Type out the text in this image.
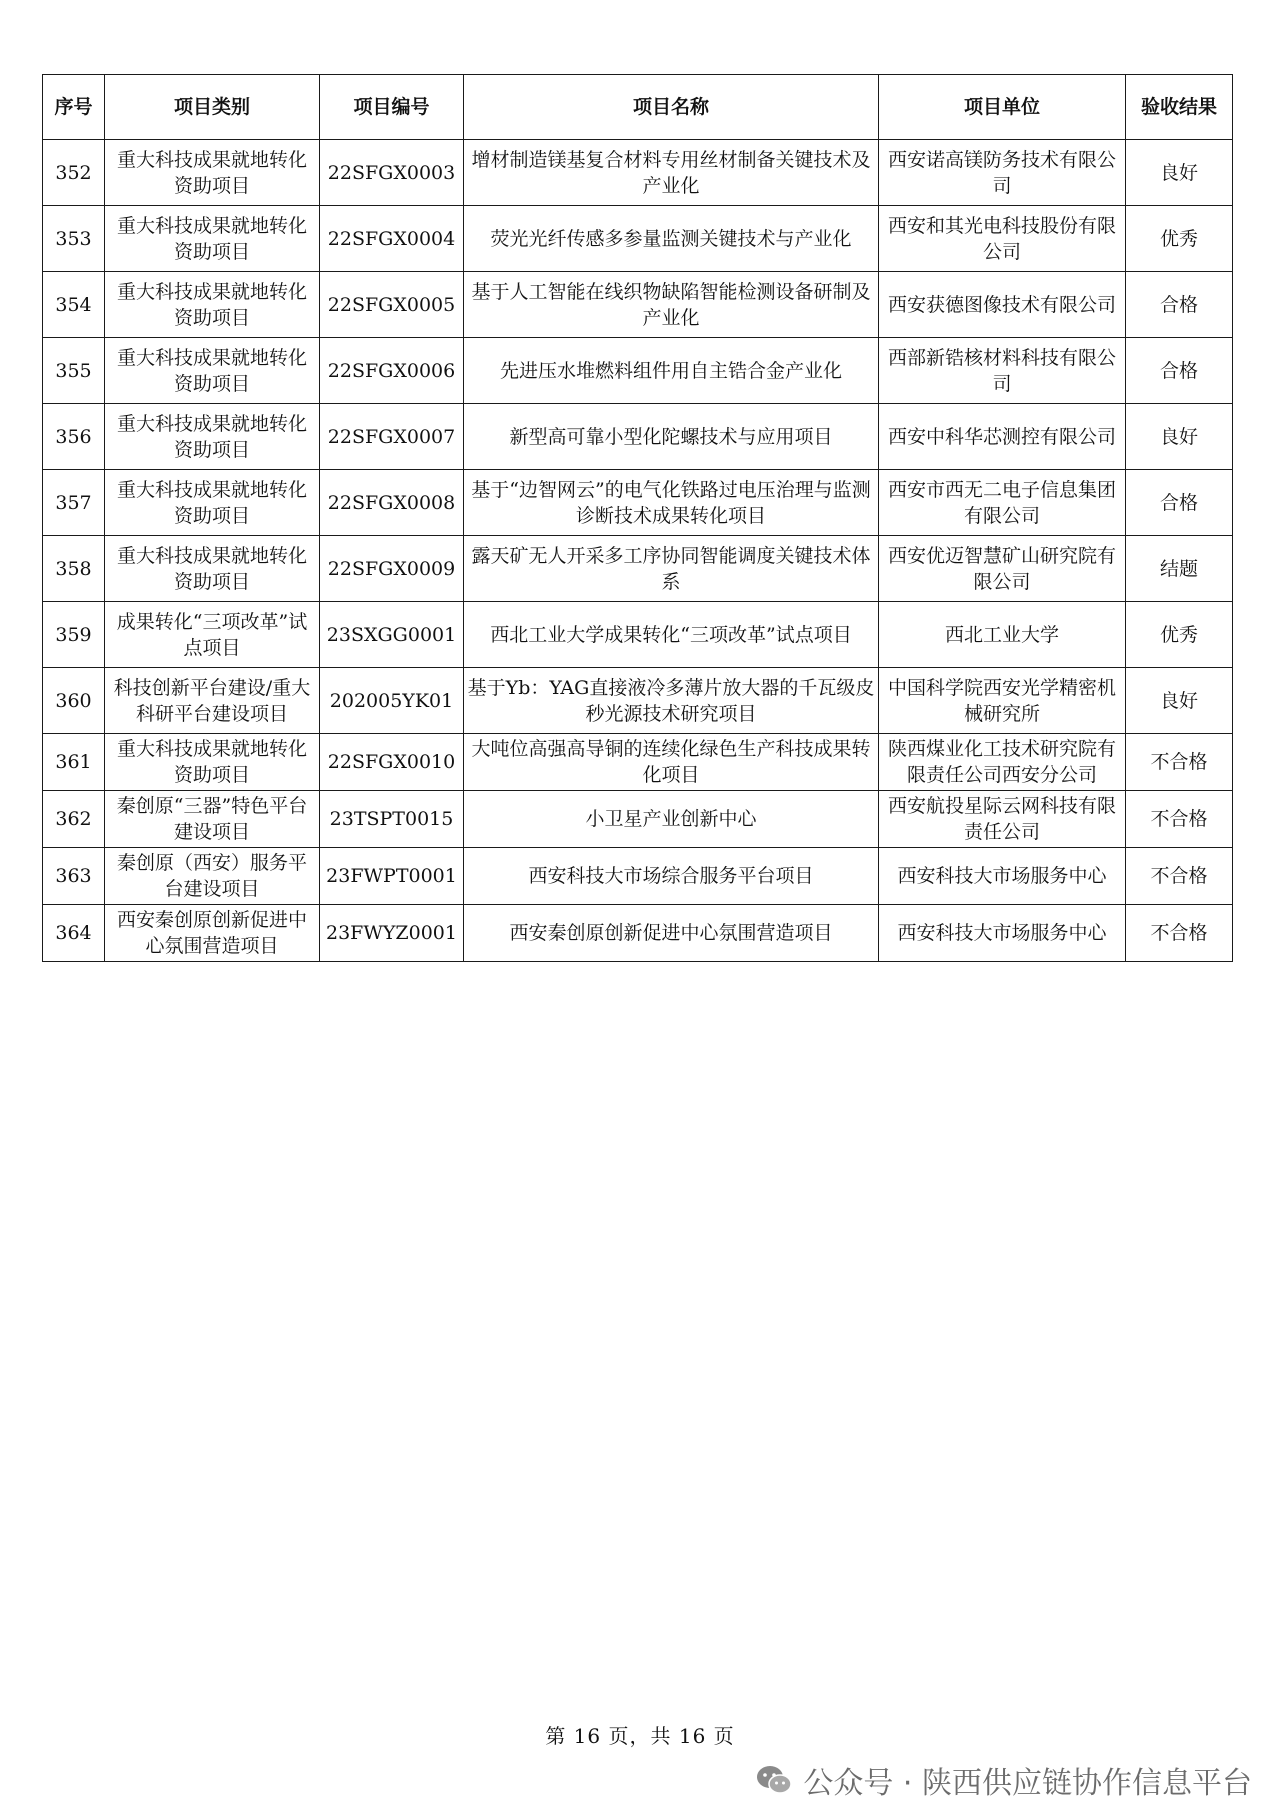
序号	项目类别	项目编号	项目名称	项目单位	验收结果
352	重大科技成果就地转化资助项目	22SFGX0003	增材制造镁基复合材料专用丝材制备关键技术及产业化	西安诺高镁防务技术有限公司	良好
353	重大科技成果就地转化资助项目	22SFGX0004	荧光光纤传感多参量监测关键技术与产业化	西安和其光电科技股份有限公司	优秀
354	重大科技成果就地转化资助项目	22SFGX0005	基于人工智能在线织物缺陷智能检测设备研制及产业化	西安获德图像技术有限公司	合格
355	重大科技成果就地转化资助项目	22SFGX0006	先进压水堆燃料组件用自主锆合金产业化	西部新锆核材料科技有限公司	合格
356	重大科技成果就地转化资助项目	22SFGX0007	新型高可靠小型化陀螺技术与应用项目	西安中科华芯测控有限公司	良好
357	重大科技成果就地转化资助项目	22SFGX0008	基于“边智网云”的电气化铁路过电压治理与监测诊断技术成果转化项目	西安市西无二电子信息集团有限公司	合格
358	重大科技成果就地转化资助项目	22SFGX0009	露天矿无人开采多工序协同智能调度关键技术体系	西安优迈智慧矿山研究院有限公司	结题
359	成果转化“三项改革”试点项目	23SXGG0001	西北工业大学成果转化“三项改革”试点项目	西北工业大学	优秀
360	科技创新平台建设/重大科研平台建设项目	202005YK01	基于Yb：YAG直接液冷多薄片放大器的千瓦级皮秒光源技术研究项目	中国科学院西安光学精密机械研究所	良好
361	重大科技成果就地转化资助项目	22SFGX0010	大吨位高强高导铜的连续化绿色生产科技成果转化项目	陕西煤业化工技术研究院有限责任公司西安分公司	不合格
362	秦创原“三器”特色平台建设项目	23TSPT0015	小卫星产业创新中心	西安航投星际云网科技有限责任公司	不合格
363	秦创原（西安）服务平台建设项目	23FWPT0001	西安科技大市场综合服务平台项目	西安科技大市场服务中心	不合格
364	西安秦创原创新促进中心氛围营造项目	23FWYZ0001	西安秦创原创新促进中心氛围营造项目	西安科技大市场服务中心	不合格
第 16 页，共 16 页
公众号 · 陕西供应链协作信息平台
